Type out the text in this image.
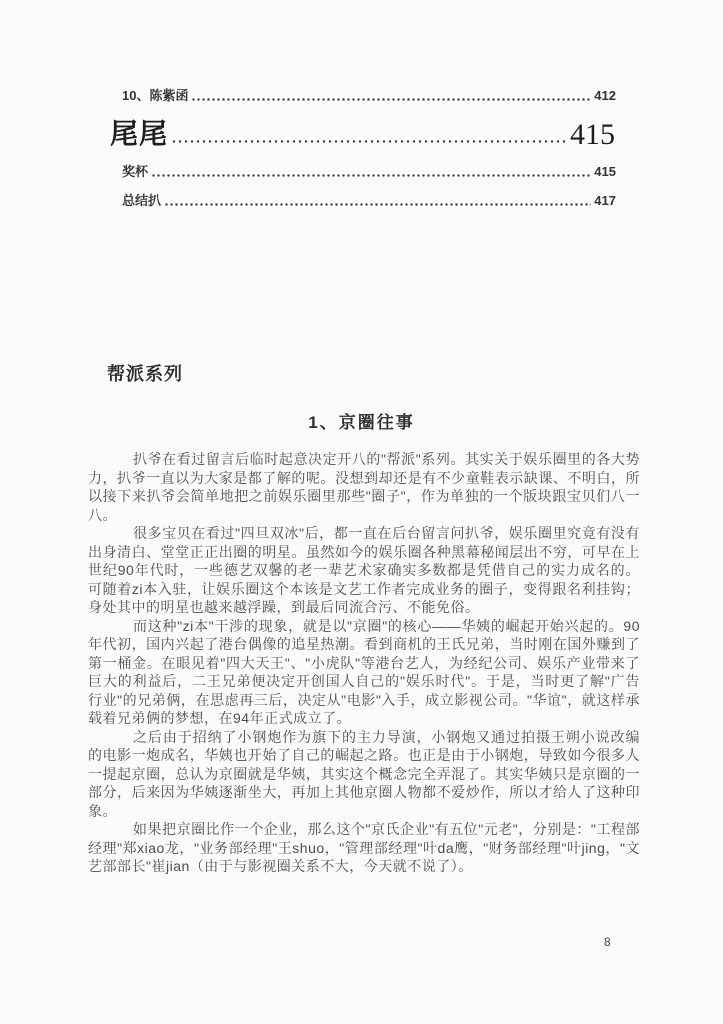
10、陈紫函	412
尾尾	415
奖杯	415
总结扒	417
帮派系列
1、京圈往事

扒爷在看过留言后临时起意决定开八的"帮派"系列。其实关于娱乐圈里的各大势力，扒爷一直以为大家是都了解的呢。没想到却还是有不少童鞋表示缺课、不明白，所以接下来扒爷会简单地把之前娱乐圈里那些"圈子"，作为单独的一个版块跟宝贝们八一八。

很多宝贝在看过"四旦双冰"后，都一直在后台留言问扒爷，娱乐圈里究竟有没有出身清白、堂堂正正出圈的明星。虽然如今的娱乐圈各种黑幕秘闻层出不穷，可早在上世纪90年代时，一些德艺双馨的老一辈艺术家确实多数都是凭借自己的实力成名的。可随着zi本入驻，让娱乐圈这个本该是文艺工作者完成业务的圈子，变得跟名利挂钩；身处其中的明星也越来越浮躁，到最后同流合污、不能免俗。

而这种"zi本"干涉的现象，就是以"京圈"的核心——华姨的崛起开始兴起的。90年代初，国内兴起了港台偶像的追星热潮。看到商机的王氏兄弟，当时刚在国外赚到了第一桶金。在眼见着"四大天王"、"小虎队"等港台艺人，为经纪公司、娱乐产业带来了巨大的利益后，二王兄弟便决定开创国人自己的"娱乐时代"。于是，当时更了解"广告行业"的兄弟俩，在思虑再三后，决定从"电影"入手，成立影视公司。"华谊"，就这样承载着兄弟俩的梦想，在94年正式成立了。

之后由于招纳了小钢炮作为旗下的主力导演，小钢炮又通过拍摄王朔小说改编的电影一炮成名，华姨也开始了自己的崛起之路。也正是由于小钢炮，导致如今很多人一提起京圈，总认为京圈就是华姨，其实这个概念完全弄混了。其实华姨只是京圈的一部分，后来因为华姨逐渐坐大，再加上其他京圈人物都不爱炒作，所以才给人了这种印象。

如果把京圈比作一个企业，那么这个"京氏企业"有五位"元老"，分别是："工程部经理"郑xiao龙，"业务部经理"王shuo，"管理部经理"叶da鹰，"财务部经理"叶jing，"文艺部部长"崔jian（由于与影视圈关系不大，今天就不说了）。

8
